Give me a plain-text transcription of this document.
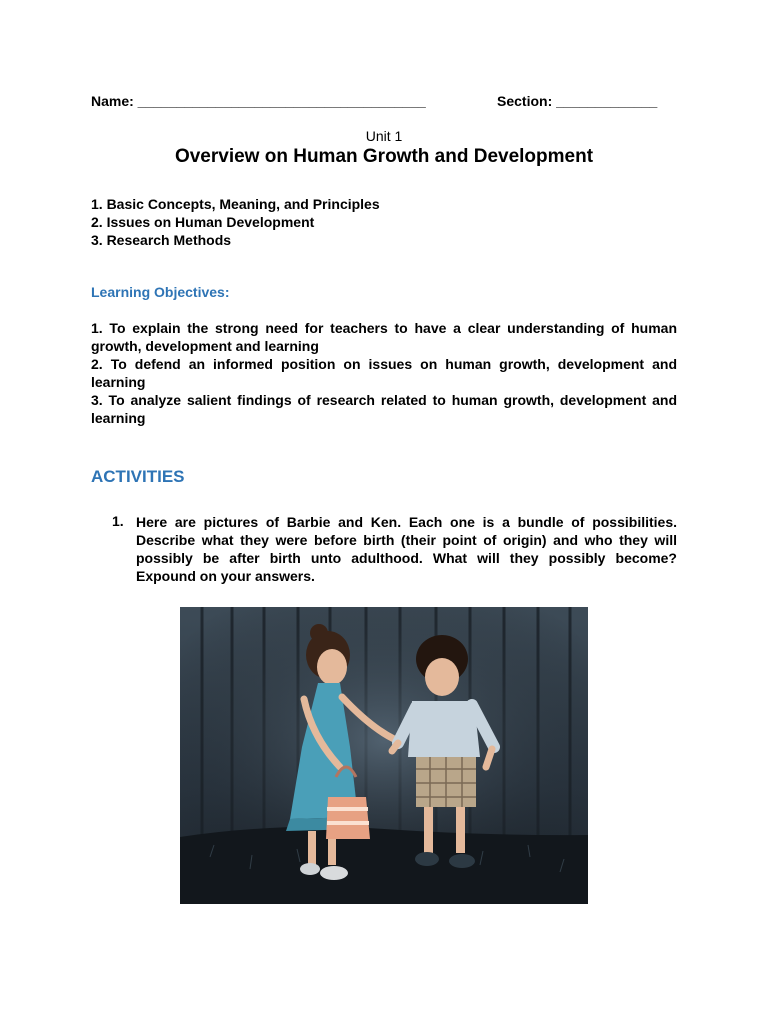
Name: _____________________________________	Section: _____________
Unit 1
Overview on Human Growth and Development
1. Basic Concepts, Meaning, and Principles
2. Issues on Human Development
3. Research Methods
Learning Objectives:
1. To explain the strong need for teachers to have a clear understanding of human growth, development and learning
2. To defend an informed position on issues on human growth, development and learning
3. To analyze salient findings of research related to human growth, development and learning
ACTIVITIES
1. Here are pictures of Barbie and Ken. Each one is a bundle of possibilities. Describe what they were before birth (their point of origin) and who they will possibly be after birth unto adulthood. What will they possibly become? Expound on your answers.
